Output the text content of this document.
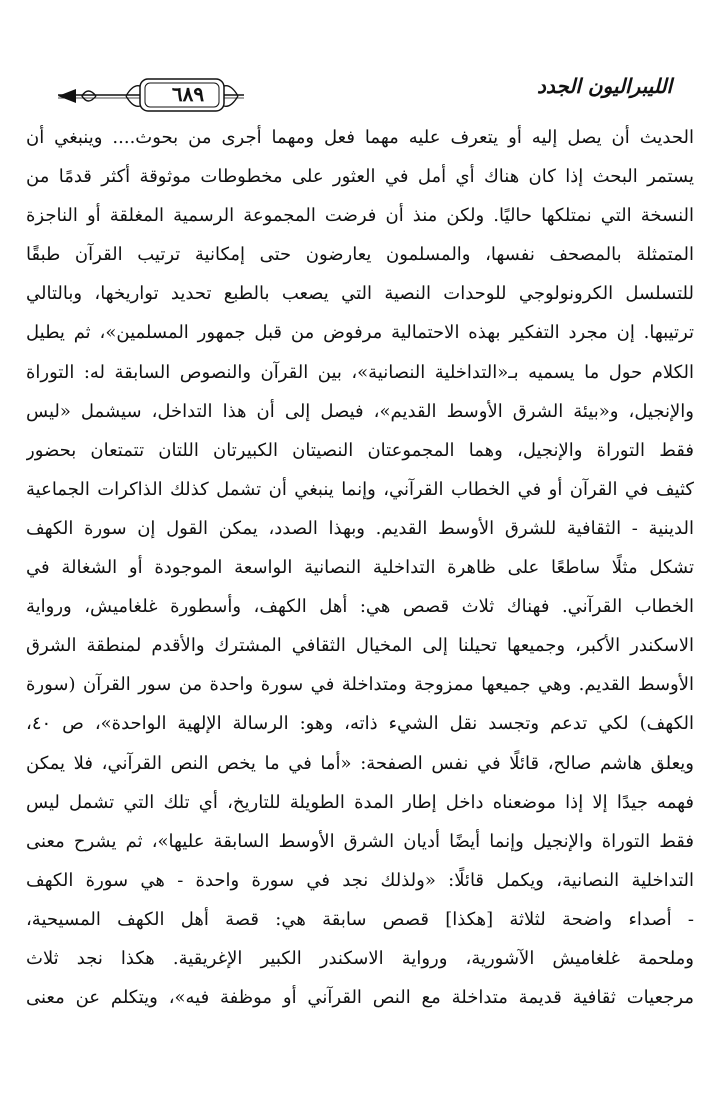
٦٨٩	الليبراليون الجدد
الحديث أن يصل إليه أو يتعرف عليه مهما فعل ومهما أجرى من بحوث.... وينبغي أن
يستمر البحث إذا كان هناك أي أمل في العثور على مخطوطات موثوقة أكثر قدمًا من
النسخة التي نمتلكها حاليًا. ولكن منذ أن فرضت المجموعة الرسمية المغلقة أو الناجزة
المتمثلة بالمصحف نفسها، والمسلمون يعارضون حتى إمكانية ترتيب القرآن طبقًا
للتسلسل الكرونولوجي للوحدات النصية التي يصعب بالطبع تحديد تواريخها، وبالتالي
ترتيبها. إن مجرد التفكير بهذه الاحتمالية مرفوض من قبل جمهور المسلمين»، ثم يطيل
الكلام حول ما يسميه بـ«التداخلية النصانية»، بين القرآن والنصوص السابقة له: التوراة
والإنجيل، و«بيئة الشرق الأوسط القديم»، فيصل إلى أن هذا التداخل، سيشمل «ليس
فقط التوراة والإنجيل، وهما المجموعتان النصيتان الكبيرتان اللتان تتمتعان بحضور
كثيف في القرآن أو في الخطاب القرآني، وإنما ينبغي أن تشمل كذلك الذاكرات الجماعية
الدينية - الثقافية للشرق الأوسط القديم. وبهذا الصدد، يمكن القول إن سورة الكهف
تشكل مثلًا ساطعًا على ظاهرة التداخلية النصانية الواسعة الموجودة أو الشغالة في
الخطاب القرآني. فهناك ثلاث قصص هي: أهل الكهف، وأسطورة غلغاميش، ورواية
الاسكندر الأكبر، وجميعها تحيلنا إلى المخيال الثقافي المشترك والأقدم لمنطقة الشرق
الأوسط القديم. وهي جميعها ممزوجة ومتداخلة في سورة واحدة من سور القرآن (سورة
الكهف) لكي تدعم وتجسد نقل الشيء ذاته، وهو: الرسالة الإلهية الواحدة»، ص ٤٠،
ويعلق هاشم صالح، قائلًا في نفس الصفحة: «أما في ما يخص النص القرآني، فلا يمكن
فهمه جيدًا إلا إذا موضعناه داخل إطار المدة الطويلة للتاريخ، أي تلك التي تشمل ليس
فقط التوراة والإنجيل وإنما أيضًا أديان الشرق الأوسط السابقة عليها»، ثم يشرح معنى
التداخلية النصانية، ويكمل قائلًا: «ولذلك نجد في سورة واحدة - هي سورة الكهف
- أصداء واضحة لثلاثة [هكذا] قصص سابقة هي: قصة أهل الكهف المسيحية،
وملحمة غلغاميش الآشورية، ورواية الاسكندر الكبير الإغريقية. هكذا نجد ثلاث
مرجعيات ثقافية قديمة متداخلة مع النص القرآني أو موظفة فيه»، ويتكلم عن معنى
